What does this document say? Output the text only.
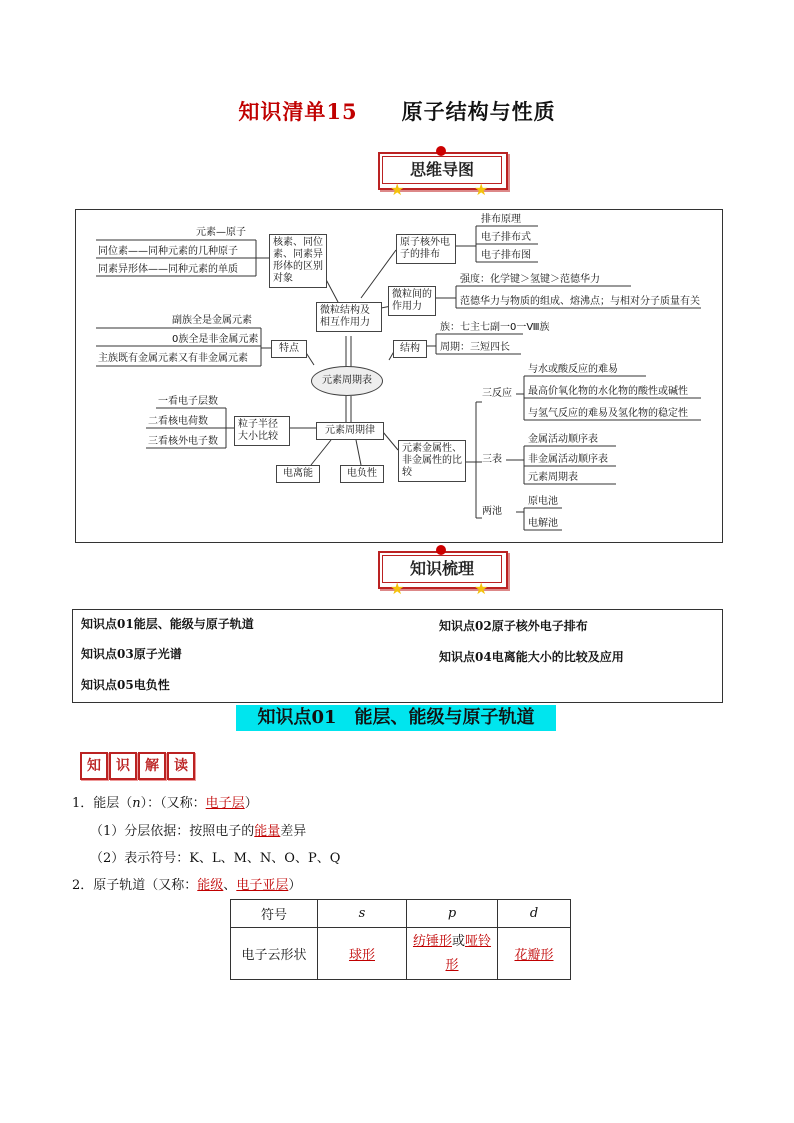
知识清单15　　 原子结构与性质
思维导图
★	★
元素—原子
同位素——同种元素的几种原子
同素异形体——同种元素的单质
核素、同位素、同素异形体的区别对象
微粒结构及相互作用力
原子核外电子的排布
排布原理
电子排布式
电子排布图
微粒间的作用力
强度：化学键＞氢键＞范德华力
范德华力与物质的组成、熔沸点；与相对分子质量有关
副族全是金属元素
0族全是非金属元素
主族既有金属元素又有非金属元素
特点	结构
族：七主七副一0一Ⅷ族
周期：三短四长
元素周期表
一看电子层数
二看核电荷数
三看核外电子数
粒子半径大小比较
元素周期律
电离能	电负性
元素金属性、非金属性的比较
三反应
三表
两池
与水或酸反应的难易
最高价氧化物的水化物的酸性或碱性
与氢气反应的难易及氢化物的稳定性
金属活动顺序表
非金属活动顺序表
元素周期表
原电池
电解池
知识梳理
★	★
知识点01能层、能级与原子轨道	知识点02原子核外电子排布
知识点03原子光谱	知识点04电离能大小的比较及应用
知识点05电负性
知识点01　能层、能级与原子轨道
知 识 解 读
1．能层（n）：（又称：电子层）
（1）分层依据：按照电子的能量差异
（2）表示符号：K、L、M、N、O、P、Q
2．原子轨道（又称：能级、电子亚层）
符号	s	p	d
电子云形状	球形	纺锤形或哑铃形	花瓣形
